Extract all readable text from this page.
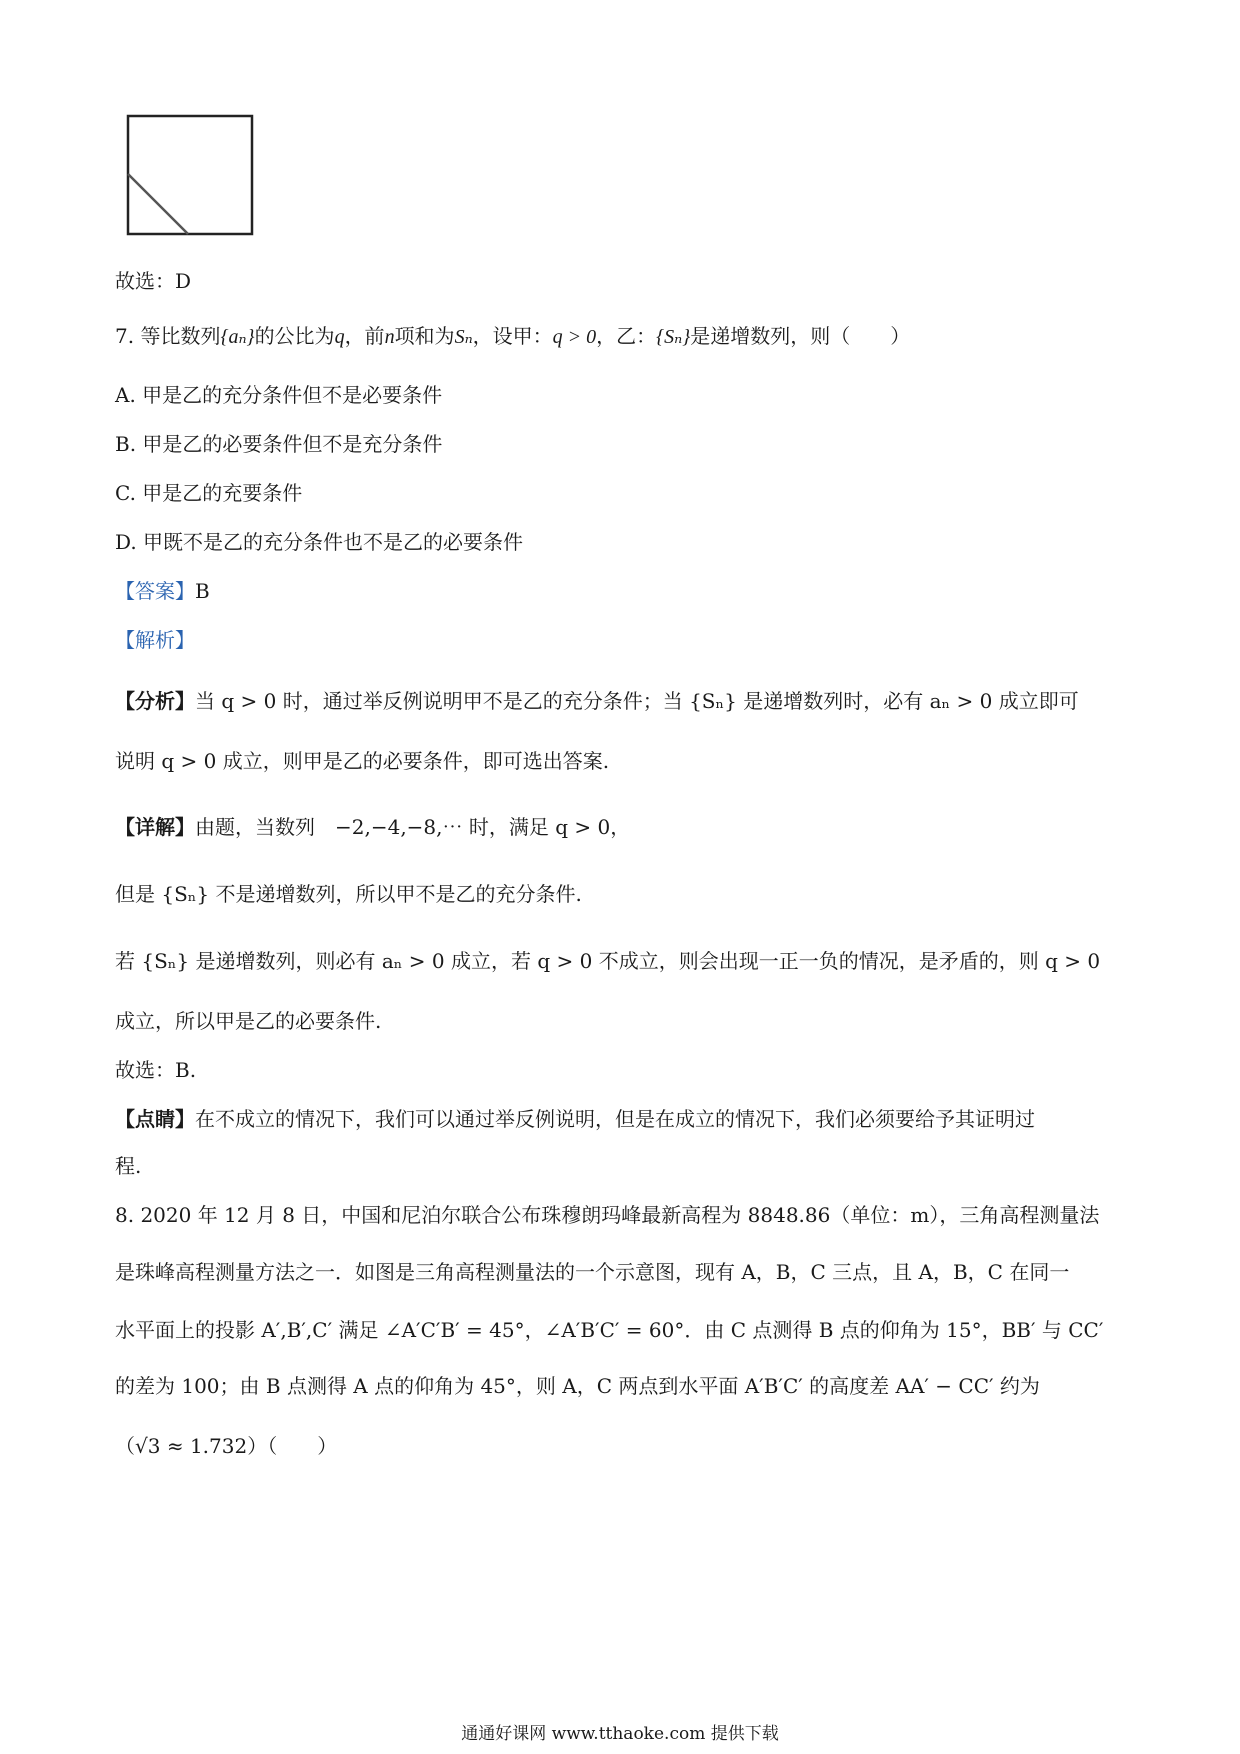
故选：D
7. 等比数列{aₙ}的公比为q，前n项和为Sₙ，设甲：q > 0，乙：{Sₙ}是递增数列，则（　　）
A. 甲是乙的充分条件但不是必要条件
B. 甲是乙的必要条件但不是充分条件
C. 甲是乙的充要条件
D. 甲既不是乙的充分条件也不是乙的必要条件
【答案】B
【解析】
【分析】当 q > 0 时，通过举反例说明甲不是乙的充分条件；当 {Sₙ} 是递增数列时，必有 aₙ > 0 成立即可
说明 q > 0 成立，则甲是乙的必要条件，即可选出答案.
【详解】由题，当数列　−2,−4,−8,⋯ 时，满足 q > 0，
但是 {Sₙ} 不是递增数列，所以甲不是乙的充分条件.
若 {Sₙ} 是递增数列，则必有 aₙ > 0 成立，若 q > 0 不成立，则会出现一正一负的情况，是矛盾的，则 q > 0
成立，所以甲是乙的必要条件.
故选：B.
【点睛】在不成立的情况下，我们可以通过举反例说明，但是在成立的情况下，我们必须要给予其证明过
程.
8. 2020 年 12 月 8 日，中国和尼泊尔联合公布珠穆朗玛峰最新高程为 8848.86（单位：m），三角高程测量法
是珠峰高程测量方法之一．如图是三角高程测量法的一个示意图，现有 A，B，C 三点，且 A，B，C 在同一
水平面上的投影 A′,B′,C′ 满足 ∠A′C′B′ = 45°，∠A′B′C′ = 60°．由 C 点测得 B 点的仰角为 15°，BB′ 与 CC′
的差为 100；由 B 点测得 A 点的仰角为 45°，则 A，C 两点到水平面 A′B′C′ 的高度差 AA′ − CC′ 约为
（√3 ≈ 1.732）（　　）
通通好课网 www.tthaoke.com 提供下载
